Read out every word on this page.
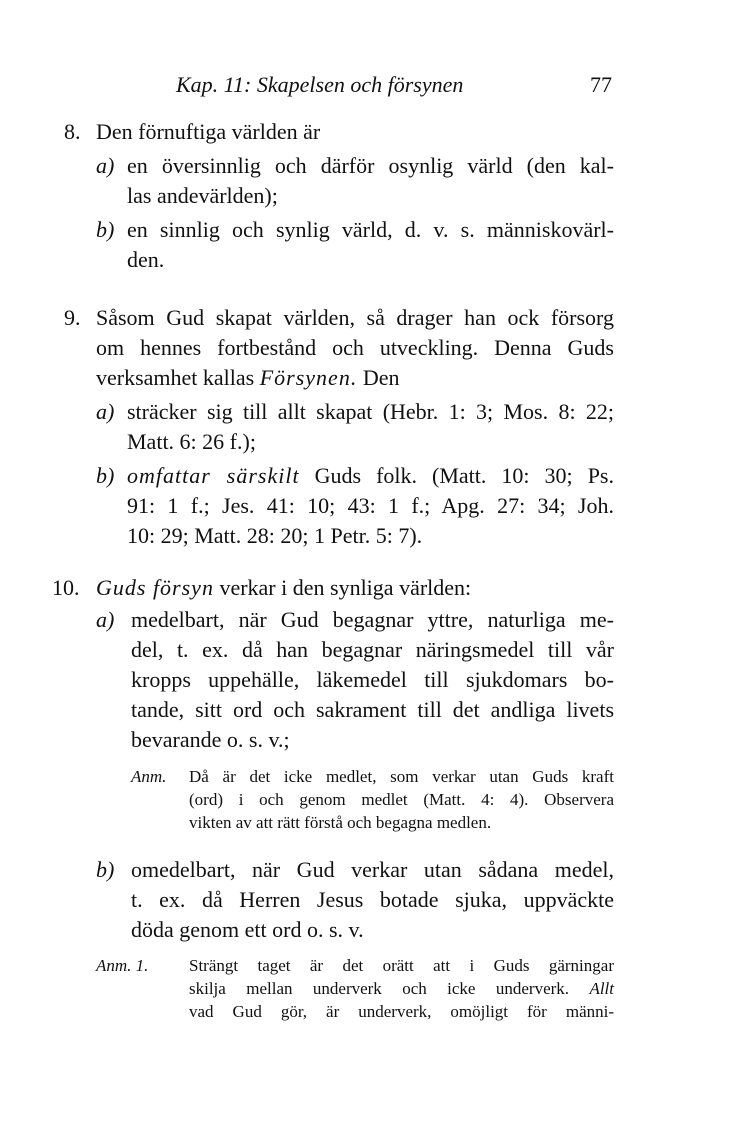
Kap. 11: Skapelsen och försynen	77
8. Den förnuftiga världen är
a) en översinnlig och därför osynlig värld (den kal-
las andevärlden);
b) en sinnlig och synlig värld, d. v. s. människovärl-
den.
9. Såsom Gud skapat världen, så drager han ock försorg
om hennes fortbestånd och utveckling. Denna Guds
verksamhet kallas Försynen. Den
a) sträcker sig till allt skapat (Hebr. 1: 3; Mos. 8: 22;
Matt. 6: 26 f.);
b) omfattar särskilt Guds folk. (Matt. 10: 30; Ps.
91: 1 f.; Jes. 41: 10; 43: 1 f.; Apg. 27: 34; Joh.
10: 29; Matt. 28: 20; 1 Petr. 5: 7).
10. Guds försyn verkar i den synliga världen:
a) medelbart, när Gud begagnar yttre, naturliga me-
del, t. ex. då han begagnar näringsmedel till vår
kropps uppehälle, läkemedel till sjukdomars bo-
tande, sitt ord och sakrament till det andliga livets
bevarande o. s. v.;
Anm. Då är det icke medlet, som verkar utan Guds kraft
(ord) i och genom medlet (Matt. 4: 4). Observera
vikten av att rätt förstå och begagna medlen.
b) omedelbart, när Gud verkar utan sådana medel,
t. ex. då Herren Jesus botade sjuka, uppväckte
döda genom ett ord o. s. v.
Anm. 1. Strängt taget är det orätt att i Guds gärningar
skilja mellan underverk och icke underverk. Allt
vad Gud gör, är underverk, omöjligt för männi-
